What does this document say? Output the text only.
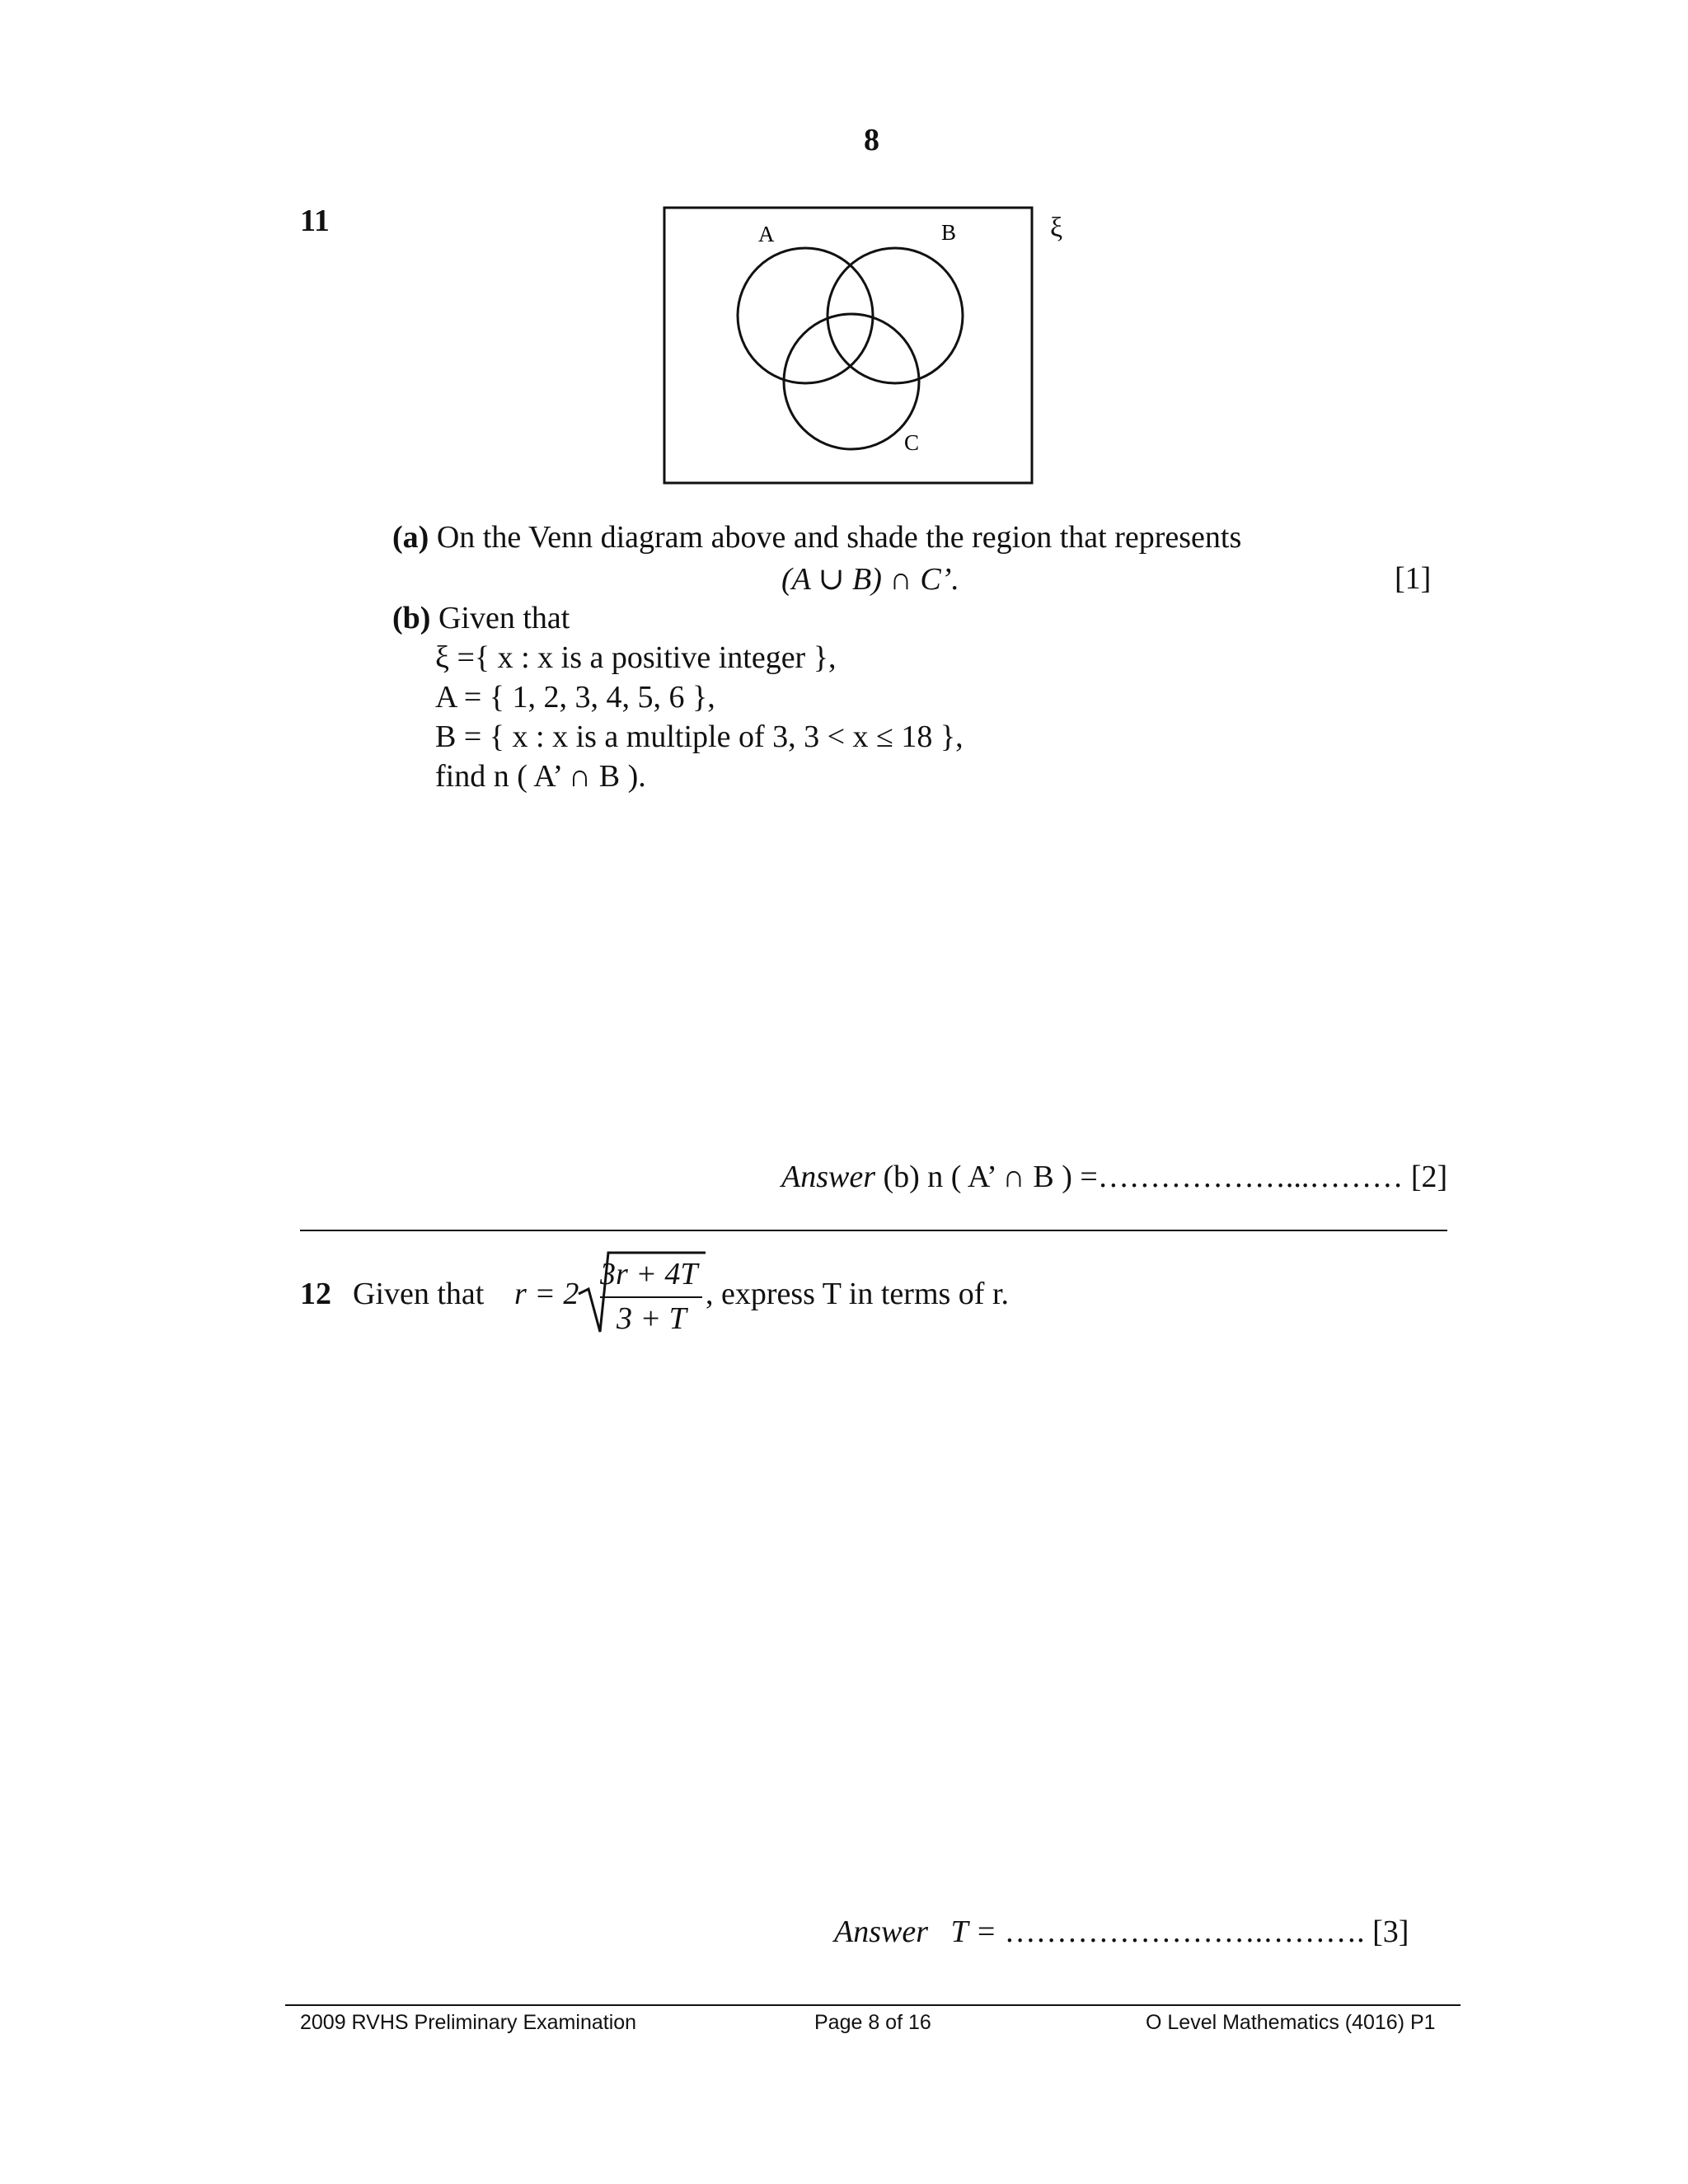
8
11	A	B
C
ξ
(a) On the Venn diagram above and shade the region that represents
(A ∪ B) ∩ C’.	[1]
(b) Given that
ξ ={ x : x is a positive integer },
A = { 1, 2, 3, 4, 5, 6 },
B = { x : x is a multiple of 3, 3 < x ≤ 18 },
find n ( A’ ∩ B ).
Answer (b) n ( A’ ∩ B ) =………………...……… [2]
12 Given that r = 2
3r + 4T
3 + T
, express T in terms of r.
Answer T = …………………….………. [3]
2009 RVHS Preliminary Examination	Page 8 of 16	O Level Mathematics (4016) P1
